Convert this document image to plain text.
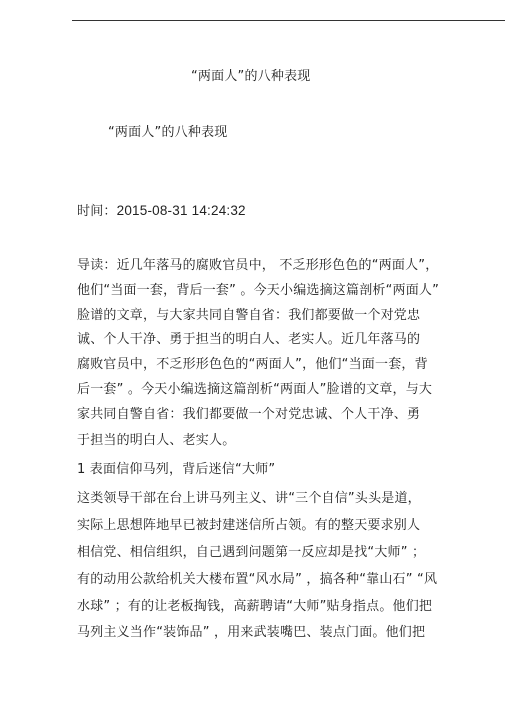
“两面人”的八种表现
“两面人”的八种表现
时间：2015-08-31 14:24:32
导读：近几年落马的腐败官员中， 不乏形形色色的“两面人”，
他们“当面一套，背后一套” 。今天小编选摘这篇剖析“两面人”
脸谱的文章，与大家共同自警自省：我们都要做一个对党忠
诚、个人干净、勇于担当的明白人、老实人。近几年落马的
腐败官员中，不乏形形色色的“两面人”，他们“当面一套，背
后一套” 。今天小编选摘这篇剖析“两面人”脸谱的文章，与大
家共同自警自省：我们都要做一个对党忠诚、个人干净、勇
于担当的明白人、老实人。
1 表面信仰马列，背后迷信“大师”
这类领导干部在台上讲马列主义、讲“三个自信”头头是道，
实际上思想阵地早已被封建迷信所占领。有的整天要求别人
相信党、相信组织，自己遇到问题第一反应却是找“大师” ；
有的动用公款给机关大楼布置“风水局” ，搞各种“靠山石” “风
水球” ；有的让老板掏钱，高薪聘请“大师”贴身指点。他们把
马列主义当作“装饰品” ，用来武装嘴巴、装点门面。他们把
